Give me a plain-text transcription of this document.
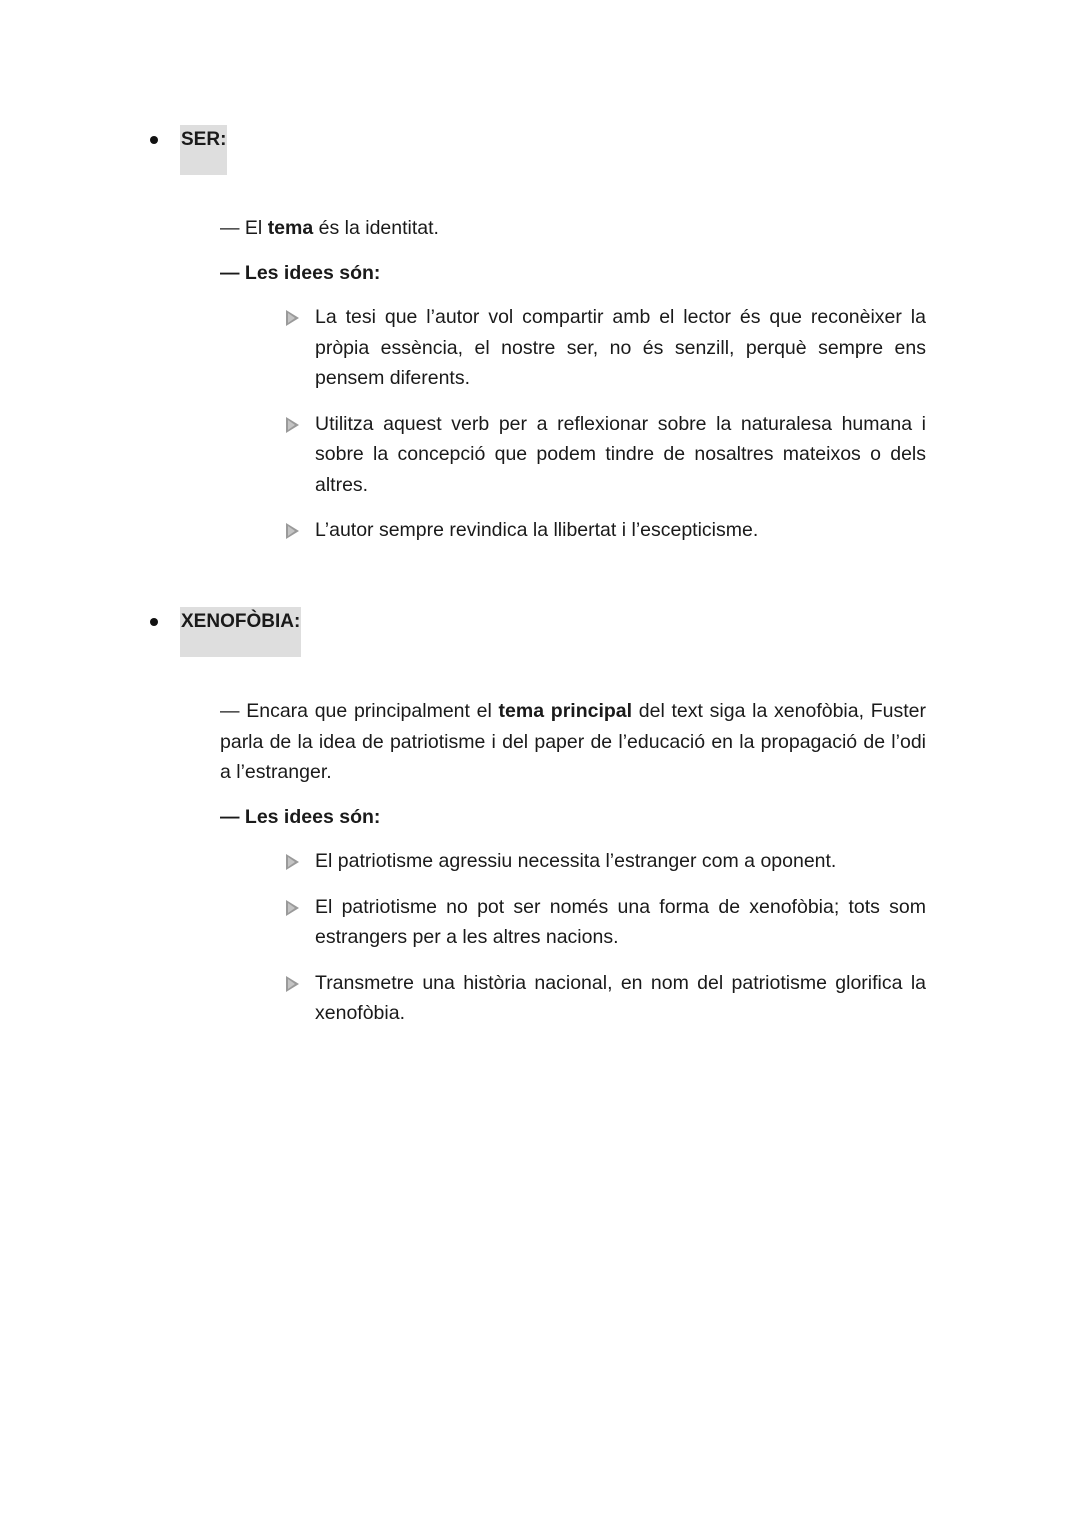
SER:

— El tema és la identitat.

— Les idees són:

La tesi que l’autor vol compartir amb el lector és que reconèixer la pròpia essència, el nostre ser, no és senzill, perquè sempre ens pensem diferents.
Utilitza aquest verb per a reflexionar sobre la naturalesa humana i sobre la concepció que podem tindre de nosaltres mateixos o dels altres.
L’autor sempre revindica la llibertat i l’escepticisme.
XENOFÒBIA:

— Encara que principalment el tema principal del text siga la xenofòbia, Fuster parla de la idea de patriotisme i del paper de l’educació en la propagació de l’odi a l’estranger.

— Les idees són:

El patriotisme agressiu necessita l’estranger com a oponent.
El patriotisme no pot ser només una forma de xenofòbia; tots som estrangers per a les altres nacions.
Transmetre una història nacional, en nom del patriotisme glorifica la xenofòbia.
